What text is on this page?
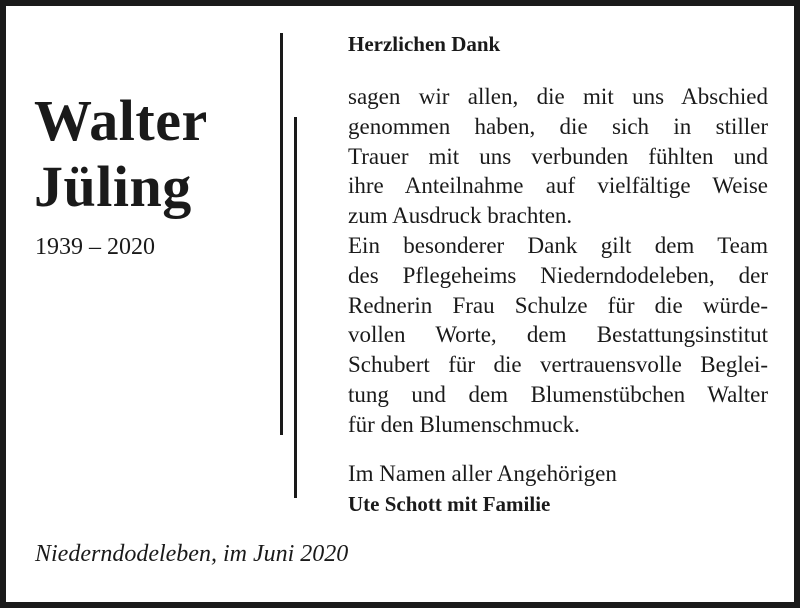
Walter
Jüling
1939 – 2020
Herzlichen Dank
sagen wir allen, die mit uns Abschied
genommen haben, die sich in stiller
Trauer mit uns verbunden fühlten und
ihre Anteilnahme auf vielfältige Weise
zum Ausdruck brachten.
Ein besonderer Dank gilt dem Team
des Pflegeheims Niederndodeleben, der
Rednerin Frau Schulze für die würde-
vollen Worte, dem Bestattungsinstitut
Schubert für die vertrauensvolle Beglei-
tung und dem Blumenstübchen Walter
für den Blumenschmuck.
Im Namen aller Angehörigen
Ute Schott mit Familie
Niederndodeleben, im Juni 2020
